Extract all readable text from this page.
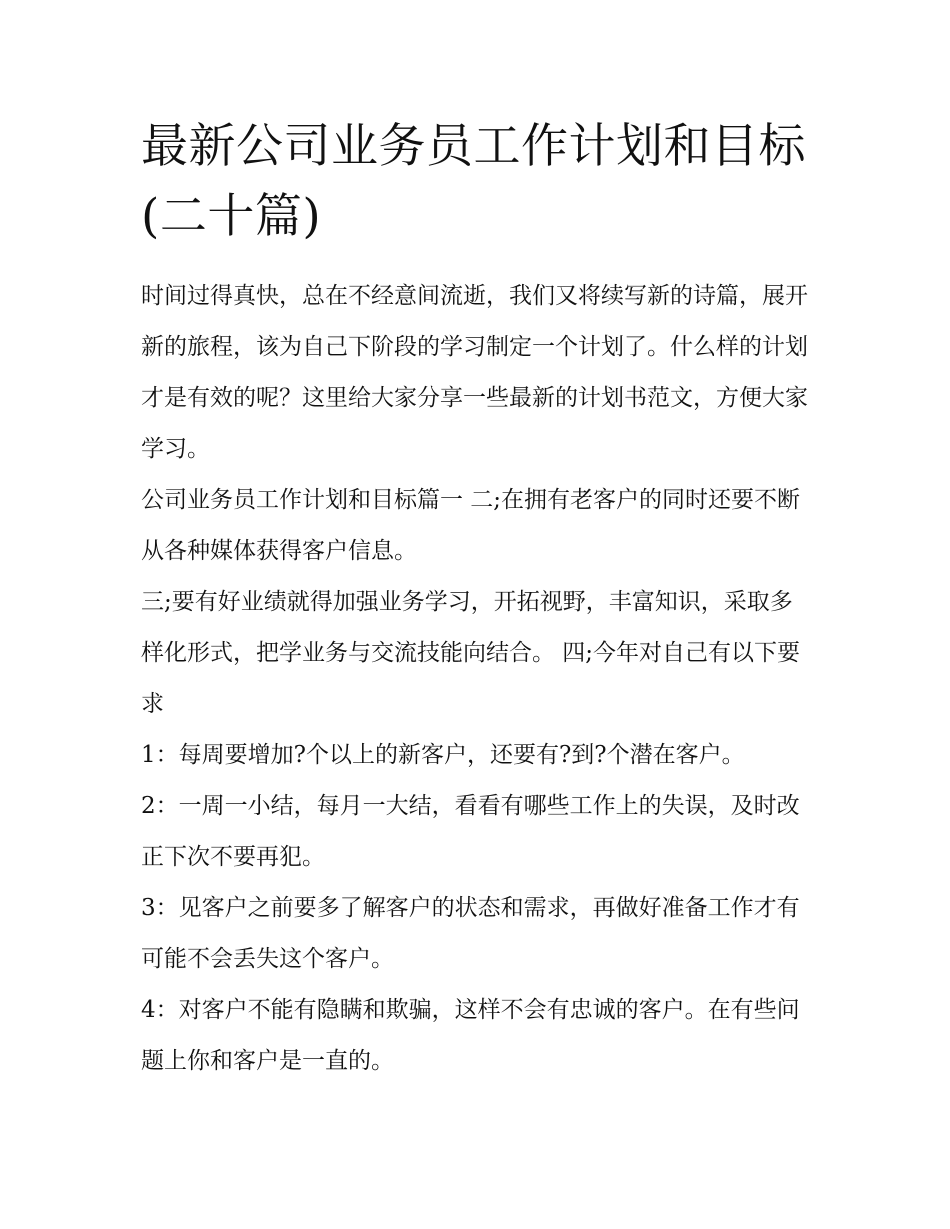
最新公司业务员工作计划和目标(二十篇)

时间过得真快，总在不经意间流逝，我们又将续写新的诗篇，展开新的旅程，该为自己下阶段的学习制定一个计划了。什么样的计划才是有效的呢？这里给大家分享一些最新的计划书范文，方便大家学习。

公司业务员工作计划和目标篇一 二;在拥有老客户的同时还要不断从各种媒体获得客户信息。

三;要有好业绩就得加强业务学习，开拓视野，丰富知识，采取多样化形式，把学业务与交流技能向结合。 四;今年对自己有以下要求

1：每周要增加?个以上的新客户，还要有?到?个潜在客户。

2：一周一小结，每月一大结，看看有哪些工作上的失误，及时改正下次不要再犯。

3：见客户之前要多了解客户的状态和需求，再做好准备工作才有可能不会丢失这个客户。

4：对客户不能有隐瞒和欺骗，这样不会有忠诚的客户。在有些问题上你和客户是一直的。
